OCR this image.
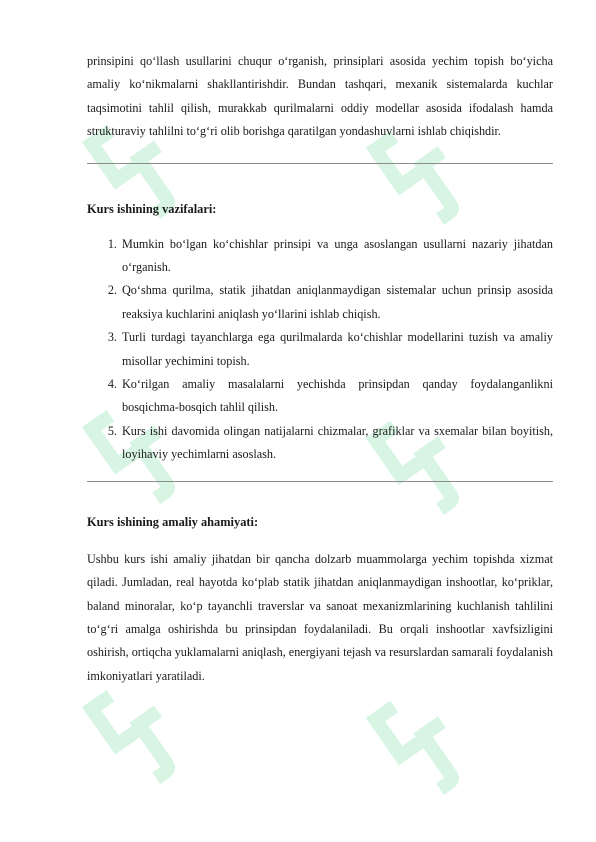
prinsipini qo‘llash usullarini chuqur o‘rganish, prinsiplari asosida yechim topish bo‘yicha amaliy ko‘nikmalarni shakllantirishdir. Bundan tashqari, mexanik sistemalarda kuchlar taqsimotini tahlil qilish, murakkab qurilmalarni oddiy modellar asosida ifodalash hamda strukturaviy tahlilni to‘g‘ri olib borishga qaratilgan yondashuvlarni ishlab chiqishdir.

Kurs ishining vazifalari:

1. Mumkin bo‘lgan ko‘chishlar prinsipi va unga asoslangan usullarni nazariy jihatdan o‘rganish.
2. Qo‘shma qurilma, statik jihatdan aniqlanmaydigan sistemalar uchun prinsip asosida reaksiya kuchlarini aniqlash yo‘llarini ishlab chiqish.
3. Turli turdagi tayanchlarga ega qurilmalarda ko‘chishlar modellarini tuzish va amaliy misollar yechimini topish.
4. Ko‘rilgan amaliy masalalarni yechishda prinsipdan qanday foydalanganlikni bosqichma-bosqich tahlil qilish.
5. Kurs ishi davomida olingan natijalarni chizmalar, grafiklar va sxemalar bilan boyitish, loyihaviy yechimlarni asoslash.

Kurs ishining amaliy ahamiyati:

Ushbu kurs ishi amaliy jihatdan bir qancha dolzarb muammolarga yechim topishda xizmat qiladi. Jumladan, real hayotda ko‘plab statik jihatdan aniqlanmaydigan inshootlar, ko‘priklar, baland minoralar, ko‘p tayanchli traverslar va sanoat mexanizmlarining kuchlanish tahlilini to‘g‘ri amalga oshirishda bu prinsipdan foydalaniladi. Bu orqali inshootlar xavfsizligini oshirish, ortiqcha yuklamalarni aniqlash, energiyani tejash va resurslardan samarali foydalanish imkoniyatlari yaratiladi.
